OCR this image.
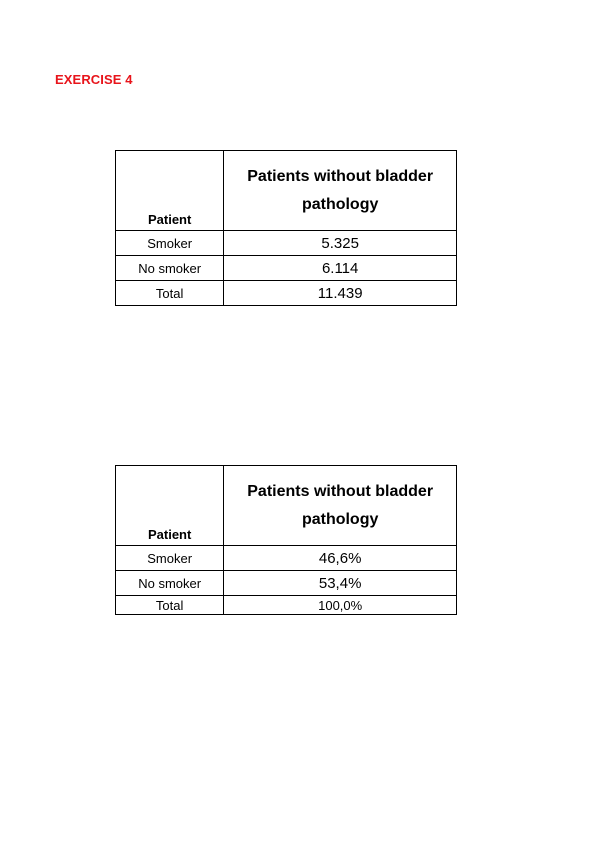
EXERCISE 4
Patient	Patients without bladder pathology
Smoker	5.325
No smoker	6.114
Total	11.439
Patient	Patients without bladder pathology
Smoker	46,6%
No smoker	53,4%
Total	100,0%
